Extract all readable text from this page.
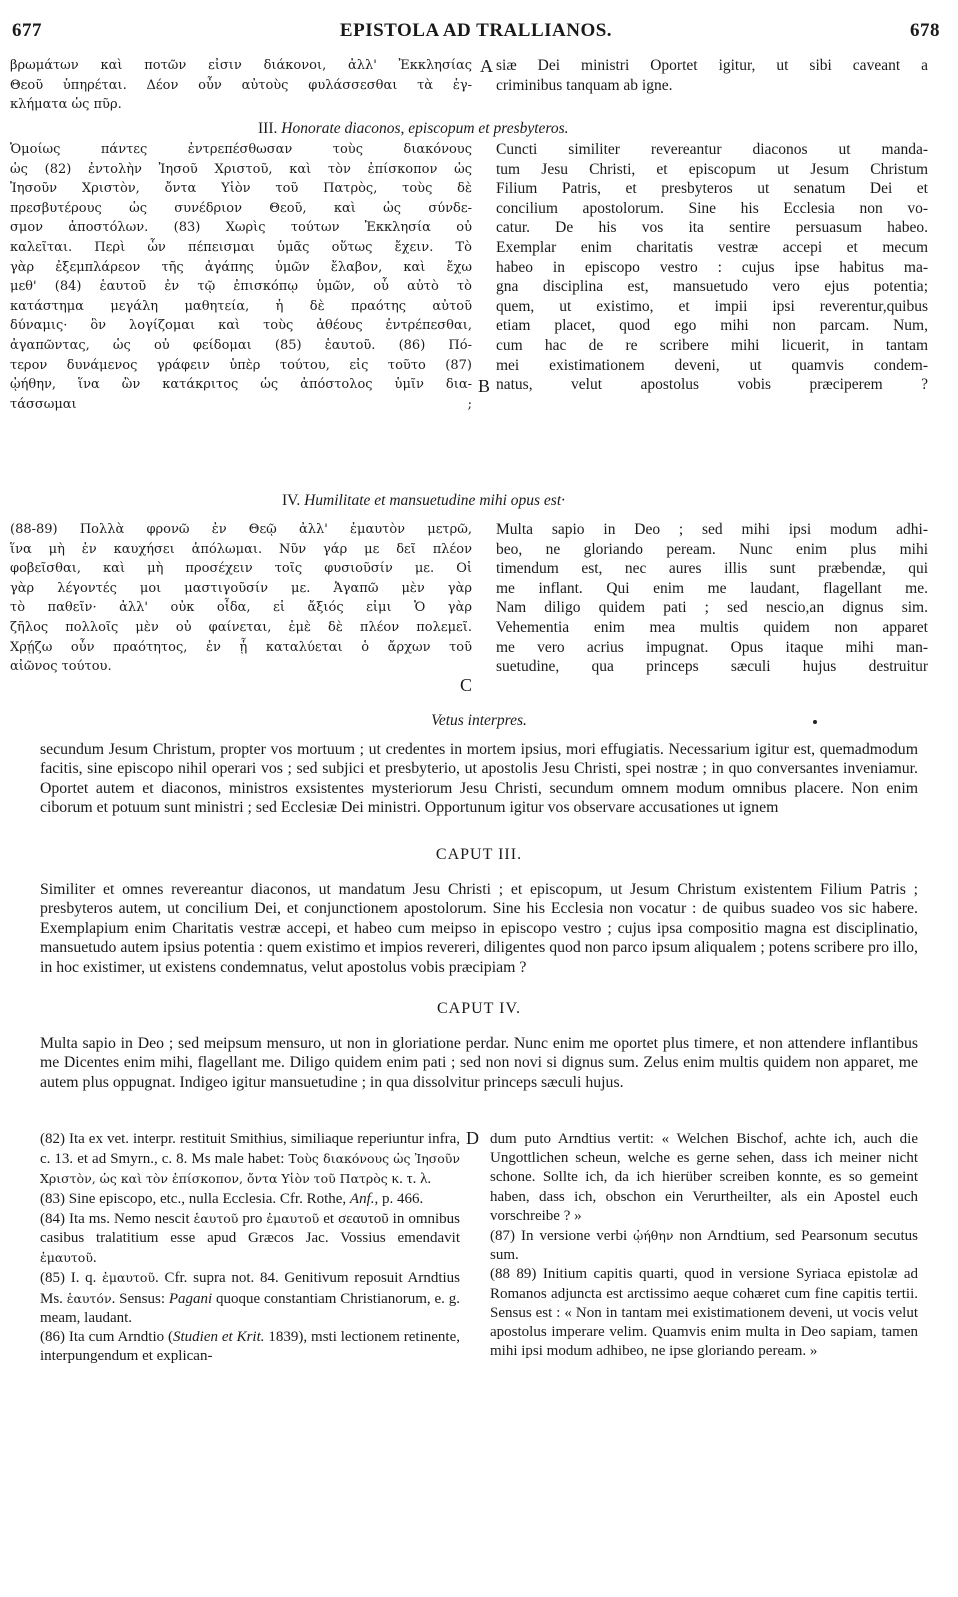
677	EPISTOLA AD TRALLIANOS.	678

βρωμάτων καὶ ποτῶν εἰσιν διάκονοι, ἀλλ' Ἐκκλησίας

Θεοῦ ὑπηρέται. Δέον οὖν αὐτοὺς φυλάσσεσθαι τὰ ἐγ-

κλήματα ὡς πῦρ.

A siæ Dei ministri Oportet igitur, ut sibi caveant a

criminibus tanquam ab igne.

III. Honorate diaconos, episcopum et presbyteros.

Ὁμοίως πάντες ἐντρεπέσθωσαν τοὺς διακόνους

ὡς (82) ἐντολὴν Ἰησοῦ Χριστοῦ, καὶ τὸν ἐπίσκοπον ὡς

Ἰησοῦν Χριστὸν, ὄντα Υἱὸν τοῦ Πατρὸς, τοὺς δὲ

πρεσβυτέρους ὡς συνέδριον Θεοῦ, καὶ ὡς σύνδε-

σμον ἀποστόλων. (83) Χωρὶς τούτων Ἐκκλησία οὐ

καλεῖται. Περὶ ὧν πέπεισμαι ὑμᾶς οὕτως ἔχειν. Τὸ

γὰρ ἐξεμπλάρεον τῆς ἀγάπης ὑμῶν ἔλαβον, καὶ ἔχω

μεθ' (84) ἑαυτοῦ ἐν τῷ ἐπισκόπῳ ὑμῶν, οὗ αὐτὸ τὸ

κατάστημα μεγάλη μαθητεία, ἡ δὲ πραότης αὐτοῦ

δύναμις· ὃν λογίζομαι καὶ τοὺς ἀθέους ἐντρέπεσθαι,

ἀγαπῶντας, ὡς οὐ φείδομαι (85) ἑαυτοῦ. (86) Πό-

τερον δυνάμενος γράφειν ὑπὲρ τούτου, εἰς τοῦτο (87)

ᾠήθην, ἵνα ὢν κατάκριτος ὡς ἀπόστολος ὑμῖν δια-

τάσσωμαι ;

B

Cuncti similiter revereantur diaconos ut manda-

tum Jesu Christi, et episcopum ut Jesum Christum

Filium Patris, et presbyteros ut senatum Dei et

concilium apostolorum. Sine his Ecclesia non vo-

catur. De his vos ita sentire persuasum habeo.

Exemplar enim charitatis vestræ accepi et mecum

habeo in episcopo vestro : cujus ipse habitus ma-

gna disciplina est, mansuetudo vero ejus potentia;

quem, ut existimo, et impii ipsi reverentur,quibus

etiam placet, quod ego mihi non parcam. Num,

cum hac de re scribere mihi licuerit, in tantam

mei existimationem deveni, ut quamvis condem-

natus, velut apostolus vobis præciperem ?

IV. Humilitate et mansuetudine mihi opus est·

(88-89) Πολλὰ φρονῶ ἐν Θεῷ ἀλλ' ἐμαυτὸν μετρῶ,

ἵνα μὴ ἐν καυχήσει ἀπόλωμαι. Νῦν γάρ με δεῖ πλέον

φοβεῖσθαι, καὶ μὴ προσέχειν τοῖς φυσιοῦσίν με. Οἱ

γὰρ λέγοντές μοι μαστιγοῦσίν με. Ἀγαπῶ μὲν γὰρ

τὸ παθεῖν· ἀλλ' οὐκ οἶδα, εἰ ἄξιός εἰμι Ὁ γὰρ

ζῆλος πολλοῖς μὲν οὐ φαίνεται, ἐμὲ δὲ πλέον πολεμεῖ.

Χρῄζω οὖν πραότητος, ἐν ᾗ καταλύεται ὁ ἄρχων τοῦ

αἰῶνος τούτου.

C

Multa sapio in Deo ; sed mihi ipsi modum adhi-

beo, ne gloriando peream. Nunc enim plus mihi

timendum est, nec aures illis sunt præbendæ, qui

me inflant. Qui enim me laudant, flagellant me.

Nam diligo quidem pati ; sed nescio,an dignus sim.

Vehementia enim mea multis quidem non apparet

me vero acrius impugnat. Opus itaque mihi man-

suetudine, qua princeps sæculi hujus destruitur

Vetus interpres.
secundum Jesum Christum, propter vos mortuum ; ut credentes in mortem ipsius, mori effugiatis. Necessarium igitur est, quemadmodum facitis, sine episcopo nihil operari vos ; sed subjici et presbyterio, ut apostolis Jesu Christi, spei nostræ ; in quo conversantes inveniamur. Oportet autem et diaconos, ministros exsistentes mysteriorum Jesu Christi, secundum omnem modum omnibus placere. Non enim ciborum et potuum sunt ministri ; sed Ecclesiæ Dei ministri. Opportunum igitur vos observare accusationes ut ignem
CAPUT III.
Similiter et omnes revereantur diaconos, ut mandatum Jesu Christi ; et episcopum, ut Jesum Christum existentem Filium Patris ; presbyteros autem, ut concilium Dei, et conjunctionem apostolorum. Sine his Ecclesia non vocatur : de quibus suadeo vos sic habere. Exemplapium enim Charitatis vestræ accepi, et habeo cum meipso in episcopo vestro ; cujus ipsa compositio magna est disciplinatio, mansuetudo autem ipsius potentia : quem existimo et impios revereri, diligentes quod non parco ipsum aliqualem ; potens scribere pro illo, in hoc existimer, ut existens condemnatus, velut apostolus vobis præcipiam ?
CAPUT IV.
Multa sapio in Deo ; sed meipsum mensuro, ut non in gloriatione perdar. Nunc enim me oportet plus timere, et non attendere inflantibus me Dicentes enim mihi, flagellant me. Diligo quidem enim pati ; sed non novi si dignus sum. Zelus enim multis quidem non apparet, me autem plus oppugnat. Indigeo igitur mansuetudine ; in qua dissolvitur princeps sæculi hujus.

(82) Ita ex vet. interpr. restituit Smithius, similiaque reperiuntur infra, c. 13. et ad Smyrn., c. 8. Ms male habet: Τοὺς διακόνους ὡς Ἰησοῦν Χριστὸν, ὡς καὶ τὸν ἐπίσκοπον, ὄντα Υἱὸν τοῦ Πατρὸς κ. τ. λ.

(83) Sine episcopo, etc., nulla Ecclesia. Cfr. Rothe, Anf., p. 466.

(84) Ita ms. Nemo nescit ἑαυτοῦ pro ἐμαυτοῦ et σεαυτοῦ in omnibus casibus tralatitium esse apud Græcos Jac. Vossius emendavit ἐμαυτοῦ.

(85) I. q. ἐμαυτοῦ. Cfr. supra not. 84. Genitivum reposuit Arndtius Ms. ἑαυτόν. Sensus: Pagani quoque constantiam Christianorum, e. g. meam, laudant.

(86) Ita cum Arndtio (Studien et Krit. 1839), msti lectionem retinente, interpungendum et explican-

D dum puto Arndtius vertit: « Welchen Bischof, achte ich, auch die Ungottlichen scheun, welche es gerne sehen, dass ich meiner nicht schone. Sollte ich, da ich hierüber screiben konnte, es so gemeint haben, dass ich, obschon ein Verurtheilter, als ein Apostel euch vorschreibe ? »

(87) In versione verbi ᾠήθην non Arndtium, sed Pearsonum secutus sum.

(88 89) Initium capitis quarti, quod in versione Syriaca epistolæ ad Romanos adjuncta est arctissimo aeque cohæret cum fine capitis tertii. Sensus est : « Non in tantam mei existimationem deveni, ut vocis velut apostolus imperare velim. Quamvis enim multa in Deo sapiam, tamen mihi ipsi modum adhibeo, ne ipse gloriando peream. »
